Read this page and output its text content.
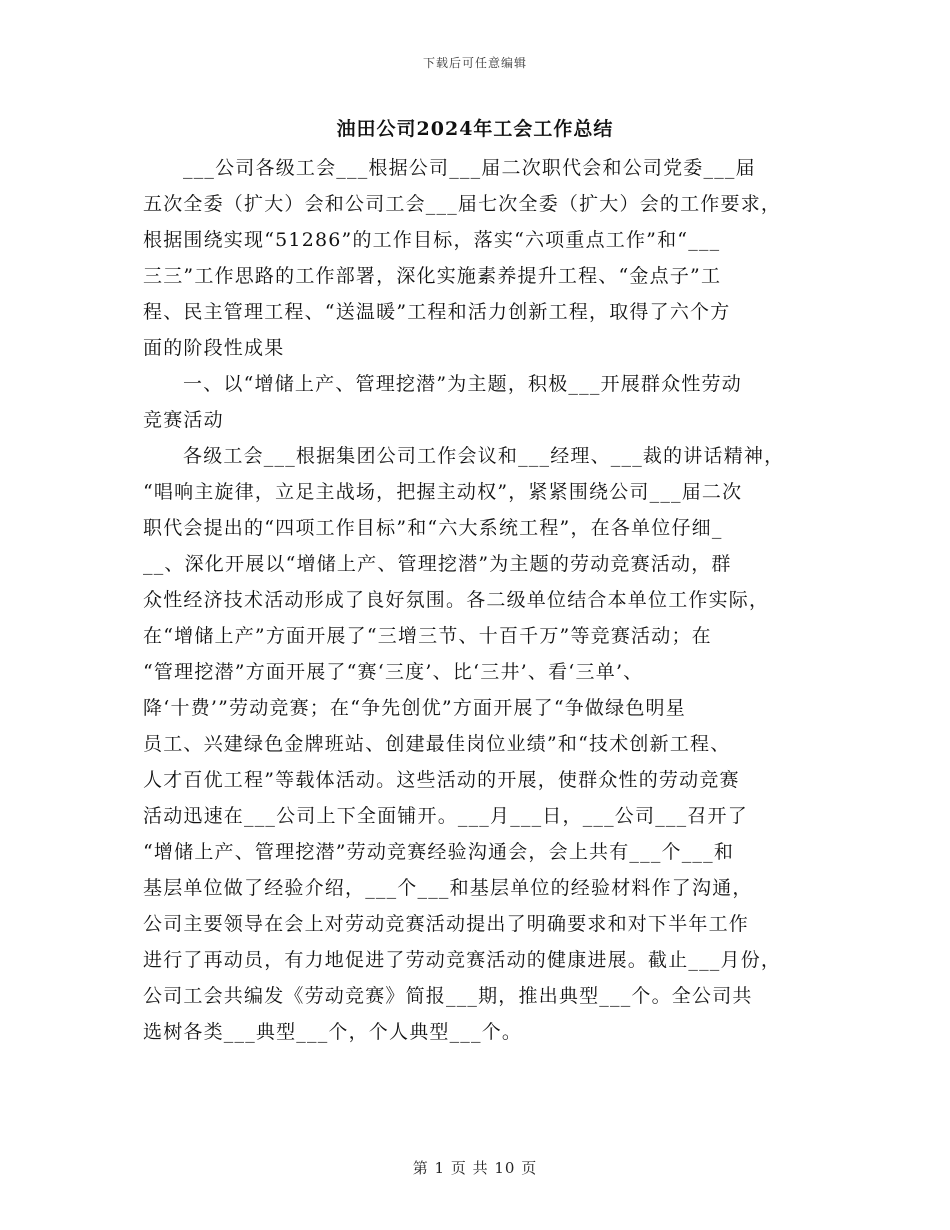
下载后可任意编辑
油田公司2024年工会工作总结
___公司各级工会___根据公司___届二次职代会和公司党委___届
五次全委（扩大）会和公司工会___届七次全委（扩大）会的工作要求，
根据围绕实现“51286”的工作目标，落实“六项重点工作”和“___
三三”工作思路的工作部署，深化实施素养提升工程、“金点子”工
程、民主管理工程、“送温暖”工程和活力创新工程，取得了六个方
面的阶段性成果
一、以“增储上产、管理挖潜”为主题，积极___开展群众性劳动
竞赛活动
各级工会___根据集团公司工作会议和___经理、___裁的讲话精神，
“唱响主旋律，立足主战场，把握主动权”，紧紧围绕公司___届二次
职代会提出的“四项工作目标”和“六大系统工程”，在各单位仔细_
__、深化开展以“增储上产、管理挖潜”为主题的劳动竞赛活动，群
众性经济技术活动形成了良好氛围。各二级单位结合本单位工作实际，
在“增储上产”方面开展了“三增三节、十百千万”等竞赛活动；在
“管理挖潜”方面开展了“赛‘三度’、比‘三井’、看‘三单’、
降‘十费’”劳动竞赛；在“争先创优”方面开展了“争做绿色明星
员工、兴建绿色金牌班站、创建最佳岗位业绩”和“技术创新工程、
人才百优工程”等载体活动。这些活动的开展，使群众性的劳动竞赛
活动迅速在___公司上下全面铺开。___月___日，___公司___召开了
“增储上产、管理挖潜”劳动竞赛经验沟通会，会上共有___个___和
基层单位做了经验介绍，___个___和基层单位的经验材料作了沟通，
公司主要领导在会上对劳动竞赛活动提出了明确要求和对下半年工作
进行了再动员，有力地促进了劳动竞赛活动的健康进展。截止___月份，
公司工会共编发《劳动竞赛》简报___期，推出典型___个。全公司共
选树各类___典型___个，个人典型___个。
第 1 页 共 10 页
